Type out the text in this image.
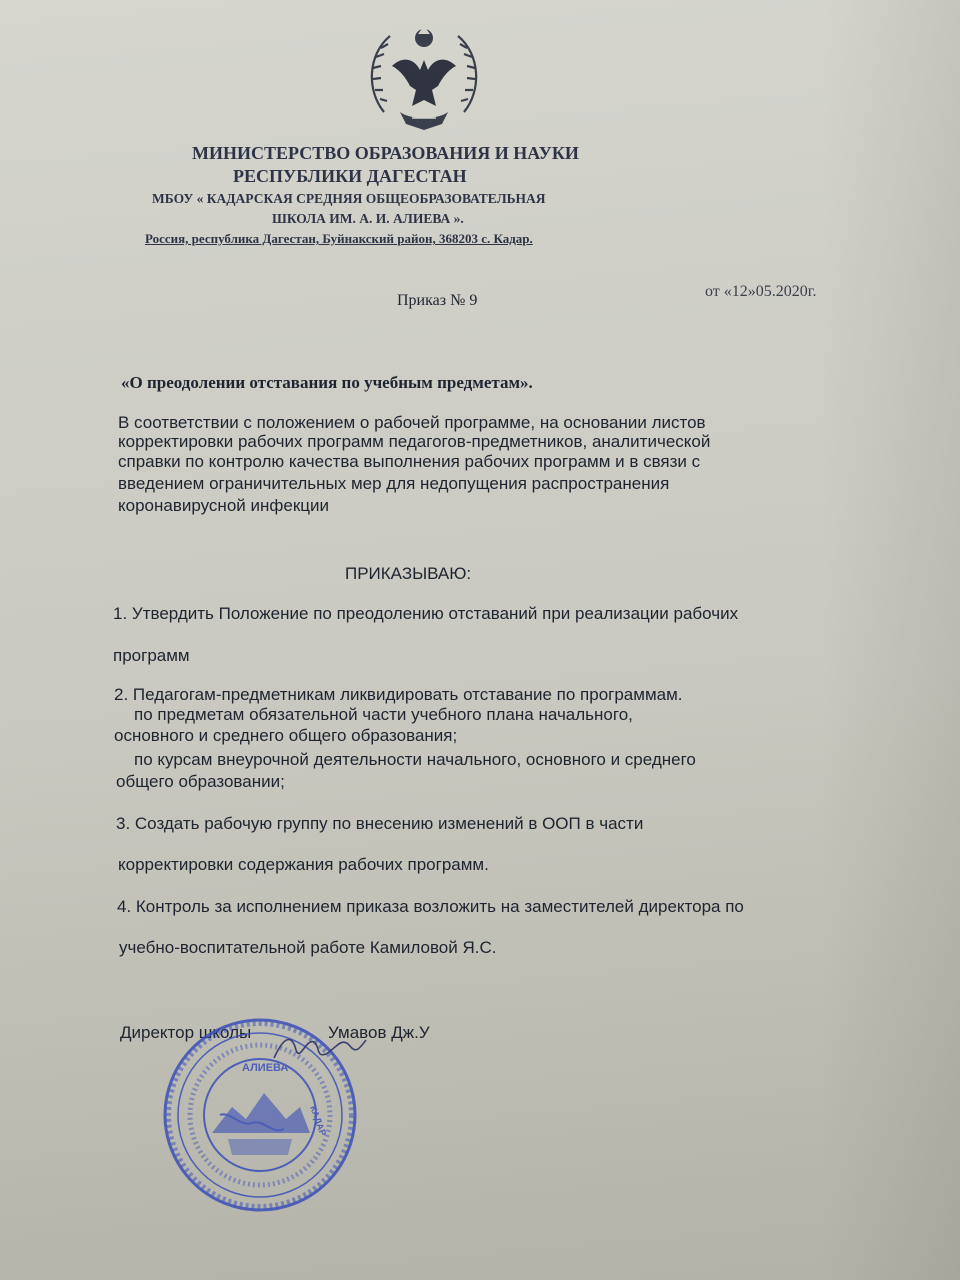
МИНИСТЕРСТВО ОБРАЗОВАНИЯ И НАУКИ

РЕСПУБЛИКИ ДАГЕСТАН

МБОУ « КАДАРСКАЯ СРЕДНЯЯ ОБЩЕОБРАЗОВАТЕЛЬНАЯ

ШКОЛА ИМ. А. И. АЛИЕВА ».

Россия, республика Дагестан, Буйнакский район, 368203 с. Кадар.

Приказ № 9

от «12»05.2020г.

«О преодолении отставания по учебным предметам».

В соответствии с положением о рабочей программе, на основании листов

корректировки рабочих программ педагогов-предметников, аналитической

справки по контролю качества выполнения рабочих программ и в связи с

введением ограничительных мер для недопущения распространения

коронавирусной инфекции

ПРИКАЗЫВАЮ:

1. Утвердить Положение по преодолению отставаний при реализации рабочих

программ

2. Педагогам-предметникам ликвидировать отставание по программам.

по предметам обязательной части учебного плана начального,

основного и среднего общего образования;

по курсам внеурочной деятельности начального, основного и среднего

общего образовании;

3. Создать рабочую группу по внесению изменений в ООП в части

корректировки содержания рабочих программ.

4. Контроль за исполнением приказа возложить на заместителей директора по

учебно-воспитательной работе Камиловой Я.С.

Директор школы	Умавов Дж.У

АЛИЕВА
КАДАР
